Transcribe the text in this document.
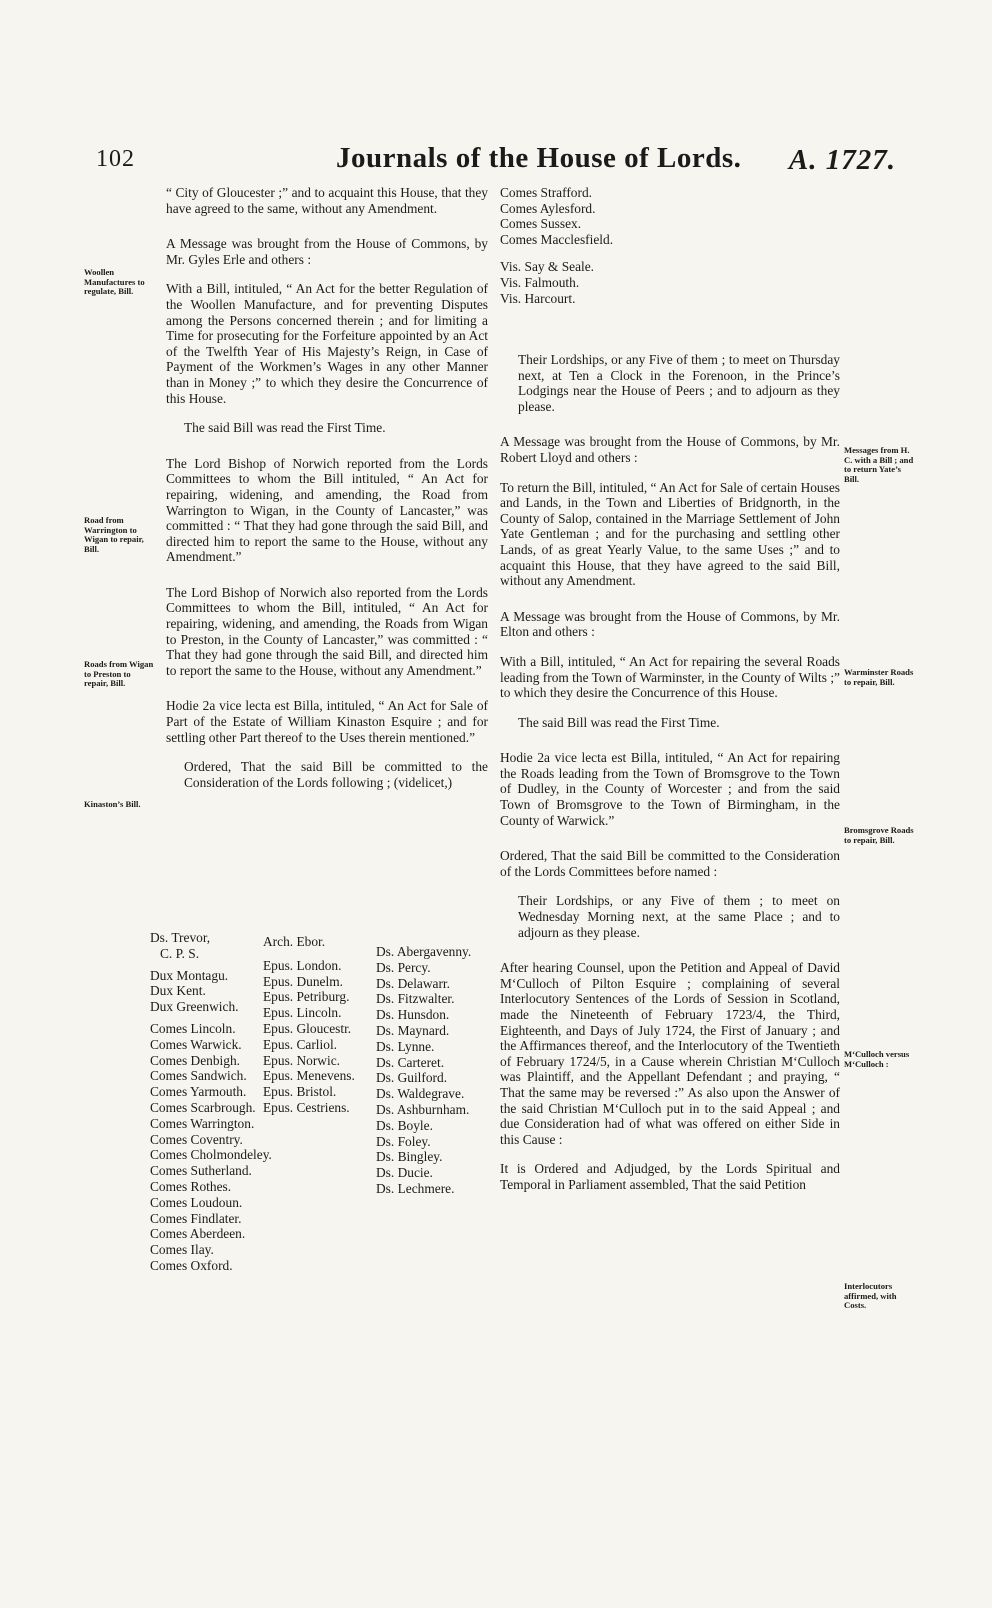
102	Journals of the House of Lords. A. 1727.

“ City of Gloucester ;” and to acquaint this House, that they have agreed to the same, without any Amendment.

A Message was brought from the House of Commons, by Mr. Gyles Erle and others :

With a Bill, intituled, “ An Act for the better Regulation of the Woollen Manufacture, and for preventing Disputes among the Persons concerned therein ; and for limiting a Time for prosecuting for the Forfeiture appointed by an Act of the Twelfth Year of His Majesty’s Reign, in Case of Payment of the Workmen’s Wages in any other Manner than in Money ;” to which they desire the Concurrence of this House.

The said Bill was read the First Time.

The Lord Bishop of Norwich reported from the Lords Committees to whom the Bill intituled, “ An Act for repairing, widening, and amending, the Road from Warrington to Wigan, in the County of Lancaster,” was committed : “ That they had gone through the said Bill, and directed him to report the same to the House, without any Amendment.”

The Lord Bishop of Norwich also reported from the Lords Committees to whom the Bill, intituled, “ An Act for repairing, widening, and amending, the Roads from Wigan to Preston, in the County of Lancaster,” was committed : “ That they had gone through the said Bill, and directed him to report the same to the House, without any Amendment.”

Hodie 2a vice lecta est Billa, intituled, “ An Act for Sale of Part of the Estate of William Kinaston Esquire ; and for settling other Part thereof to the Uses therein mentioned.”

Ordered, That the said Bill be committed to the Consideration of the Lords following ; (videlicet,)

Ds. Trevor,
C. P. S.
Dux Montagu.
Dux Kent.
Dux Greenwich.
Comes Lincoln.
Comes Warwick.
Comes Denbigh.
Comes Sandwich.
Comes Yarmouth.
Comes Scarbrough.
Comes Warrington.
Comes Coventry.
Comes Cholmondeley.
Comes Sutherland.
Comes Rothes.
Comes Loudoun.
Comes Findlater.
Comes Aberdeen.
Comes Ilay.
Comes Oxford.
Arch. Ebor.
Epus. London.
Epus. Dunelm.
Epus. Petriburg.
Epus. Lincoln.
Epus. Gloucestr.
Epus. Carliol.
Epus. Norwic.
Epus. Menevens.
Epus. Bristol.
Epus. Cestriens.
Ds. Abergavenny.
Ds. Percy.
Ds. Delawarr.
Ds. Fitzwalter.
Ds. Hunsdon.
Ds. Maynard.
Ds. Lynne.
Ds. Carteret.
Ds. Guilford.
Ds. Waldegrave.
Ds. Ashburnham.
Ds. Boyle.
Ds. Foley.
Ds. Bingley.
Ds. Ducie.
Ds. Lechmere.
Comes Strafford.
Comes Aylesford.
Comes Sussex.
Comes Macclesfield.
Vis. Say & Seale.
Vis. Falmouth.
Vis. Harcourt.

Their Lordships, or any Five of them ; to meet on Thursday next, at Ten a Clock in the Forenoon, in the Prince’s Lodgings near the House of Peers ; and to adjourn as they please.

A Message was brought from the House of Commons, by Mr. Robert Lloyd and others :

To return the Bill, intituled, “ An Act for Sale of certain Houses and Lands, in the Town and Liberties of Bridgnorth, in the County of Salop, contained in the Marriage Settlement of John Yate Gentleman ; and for the purchasing and settling other Lands, of as great Yearly Value, to the same Uses ;” and to acquaint this House, that they have agreed to the said Bill, without any Amendment.

A Message was brought from the House of Commons, by Mr. Elton and others :

With a Bill, intituled, “ An Act for repairing the several Roads leading from the Town of Warminster, in the County of Wilts ;” to which they desire the Concurrence of this House.

The said Bill was read the First Time.

Hodie 2a vice lecta est Billa, intituled, “ An Act for repairing the Roads leading from the Town of Bromsgrove to the Town of Dudley, in the County of Worcester ; and from the said Town of Bromsgrove to the Town of Birmingham, in the County of Warwick.”

Ordered, That the said Bill be committed to the Consideration of the Lords Committees before named :

Their Lordships, or any Five of them ; to meet on Wednesday Morning next, at the same Place ; and to adjourn as they please.

After hearing Counsel, upon the Petition and Appeal of David M‘Culloch of Pilton Esquire ; complaining of several Interlocutory Sentences of the Lords of Session in Scotland, made the Nineteenth of February 1723/4, the Third, Eighteenth, and Days of July 1724, the First of January ; and the Affirmances thereof, and the Interlocutory of the Twentieth of February 1724/5, in a Cause wherein Christian M‘Culloch was Plaintiff, and the Appellant Defendant ; and praying, “ That the same may be reversed :” As also upon the Answer of the said Christian M‘Culloch put in to the said Appeal ; and due Consideration had of what was offered on either Side in this Cause :

It is Ordered and Adjudged, by the Lords Spiritual and Temporal in Parliament assembled, That the said Petition

Woollen Manufactures to regulate, Bill.
Road from Warrington to Wigan to repair, Bill.
Roads from Wigan to Preston to repair, Bill.
Kinaston’s Bill.
Messages from H. C. with a Bill ; and to return Yate’s Bill.
Warminster Roads to repair, Bill.
Bromsgrove Roads to repair, Bill.
M‘Culloch versus M‘Culloch :
Interlocutors affirmed, with Costs.
